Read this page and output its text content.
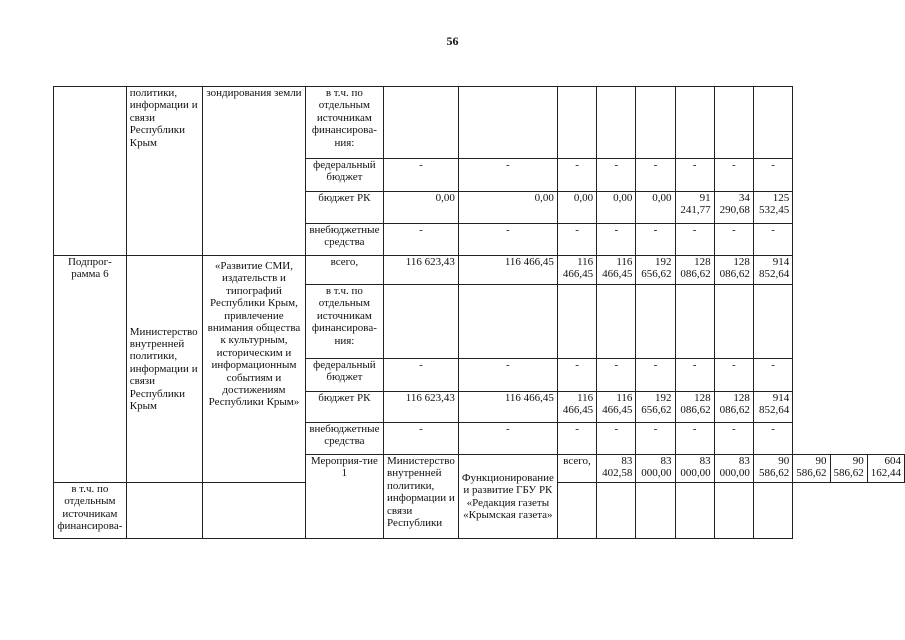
56
	политики, информации и связи Республики Крым	зондирования земли	в т.ч. по отдельным источникам финансирова-ния:											
			федеральный бюджет	-	-	-	-	-	-	-	-			
			бюджет РК	0,00	0,00	0,00	0,00	0,00	91 241,77	34 290,68	125 532,45			
			внебюджетные средства	-	-	-	-	-	-	-	-			
Подпрог-рамма 6	Министерство внутренней политики, информации и связи Республики Крым	«Развитие СМИ, издательств и типографий Республики Крым, привлечение внимания общества к культурным, историческим и информационным событиям и достижениям Республики Крым»	всего,	116 623,43	116 466,45	116 466,45	116 466,45	192 656,62	128 086,62	128 086,62	914 852,64			
			в т.ч. по отдельным источникам финансирова-ния:											
			федеральный бюджет	-	-	-	-	-	-	-	-			
			бюджет РК	116 623,43	116 466,45	116 466,45	116 466,45	192 656,62	128 086,62	128 086,62	914 852,64			
			внебюджетные средства	-	-	-	-	-	-	-	-			
			Мероприя-тие 1	Министерство внутренней политики, информации и связи Республики	Функционирование и развитие ГБУ РК «Редакция газеты «Крымская газета»	всего,	83 402,58	83 000,00	83 000,00	83 000,00	90 586,62	90 586,62	90 586,62	604 162,44
в т.ч. по отдельным источникам финансирова-														
